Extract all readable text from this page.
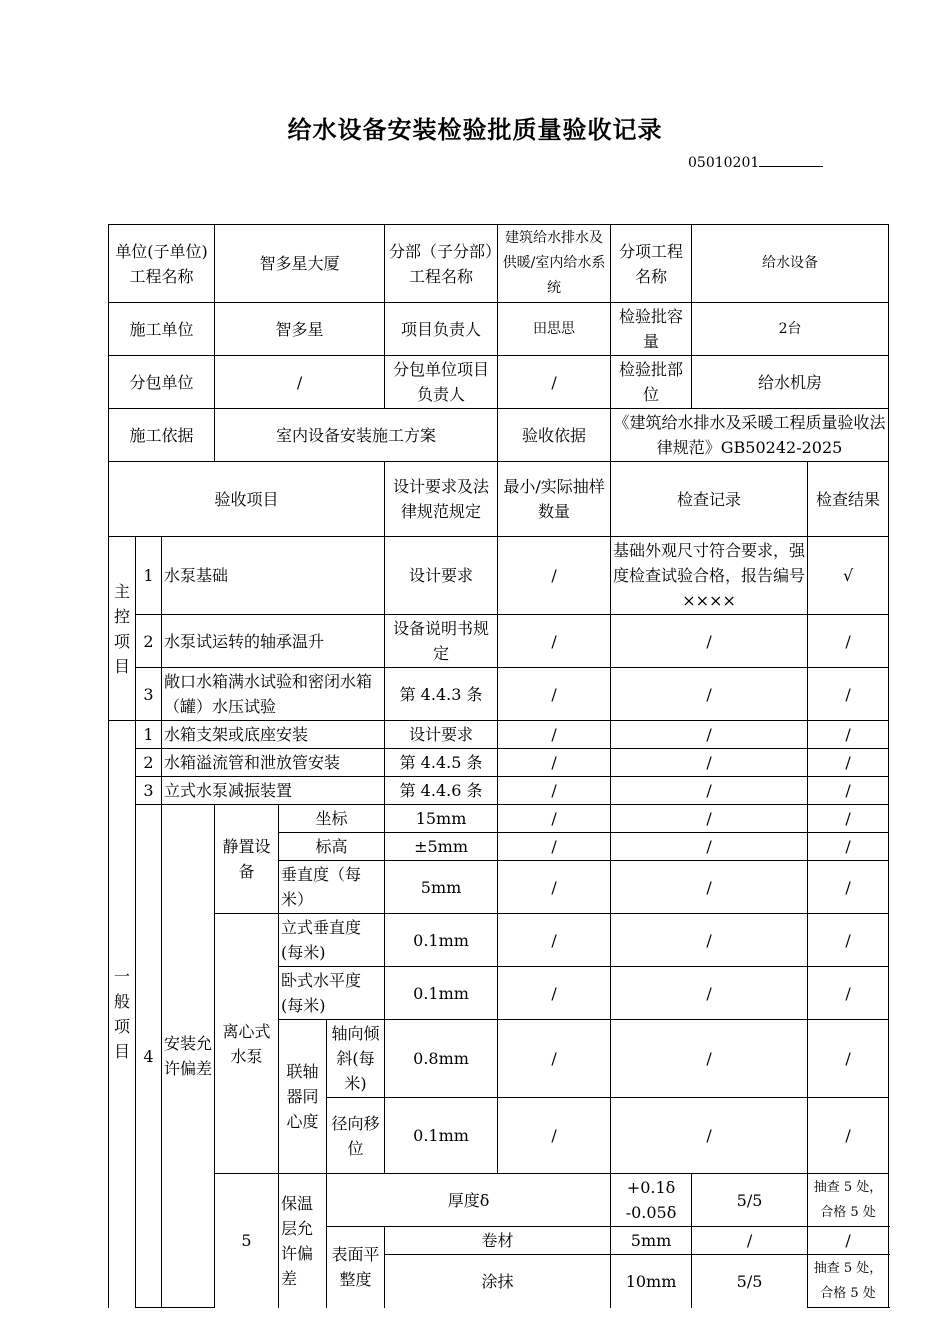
给水设备安装检验批质量验收记录
05010201
单位(子单位)工程名称			智多星大厦			分部（子分部）工程名称	建筑给水排水及供暖/室内给水系统	分项工程名称	给水设备		
施工单位			智多星			项目负责人	田思思	检验批容量	2台		
分包单位			/			分包单位项目负责人	/	检验批部位	给水机房		
施工依据			室内设备安装施工方案				验收依据	《建筑给水排水及采暖工程质量验收法律规范》GB50242-2025			
验收项目						设计要求及法律规范规定	最小/实际抽样数量	检查记录		检查结果	
主控项目	1	水泵基础				设计要求	/	基础外观尺寸符合要求，强度检查试验合格，报告编号××××		√	
	2	水泵试运转的轴承温升				设备说明书规定	/	/		/	
	3	敞口水箱满水试验和密闭水箱（罐）水压试验				第 4.4.3 条	/	/		/	
一般项目	1	水箱支架或底座安装				设计要求	/	/		/	
	2	水箱溢流管和泄放管安装				第 4.4.5 条	/	/		/	
	3	立式水泵减振装置				第 4.4.6 条	/	/		/	
	4	安装允许偏差	静置设备	坐标		15mm	/	/		/	
				标高		±5mm	/	/		/	
				垂直度（每米）		5mm	/	/		/	
			离心式水泵	立式垂直度(每米)		0.1mm	/	/		/	
				卧式水平度(每米)		0.1mm	/	/		/	
				联轴器同心度	轴向倾斜(每米)	0.8mm	/	/		/	
					径向移位	0.1mm	/	/		/	
			5	保温层允许偏差	厚度δ			+0.1δ -0.05δ	5/5	抽查 5 处，合格 5 处	
					表面平整度	卷材		5mm	/	/	
						涂抹		10mm	5/5	抽查 5 处，合格 5 处	
